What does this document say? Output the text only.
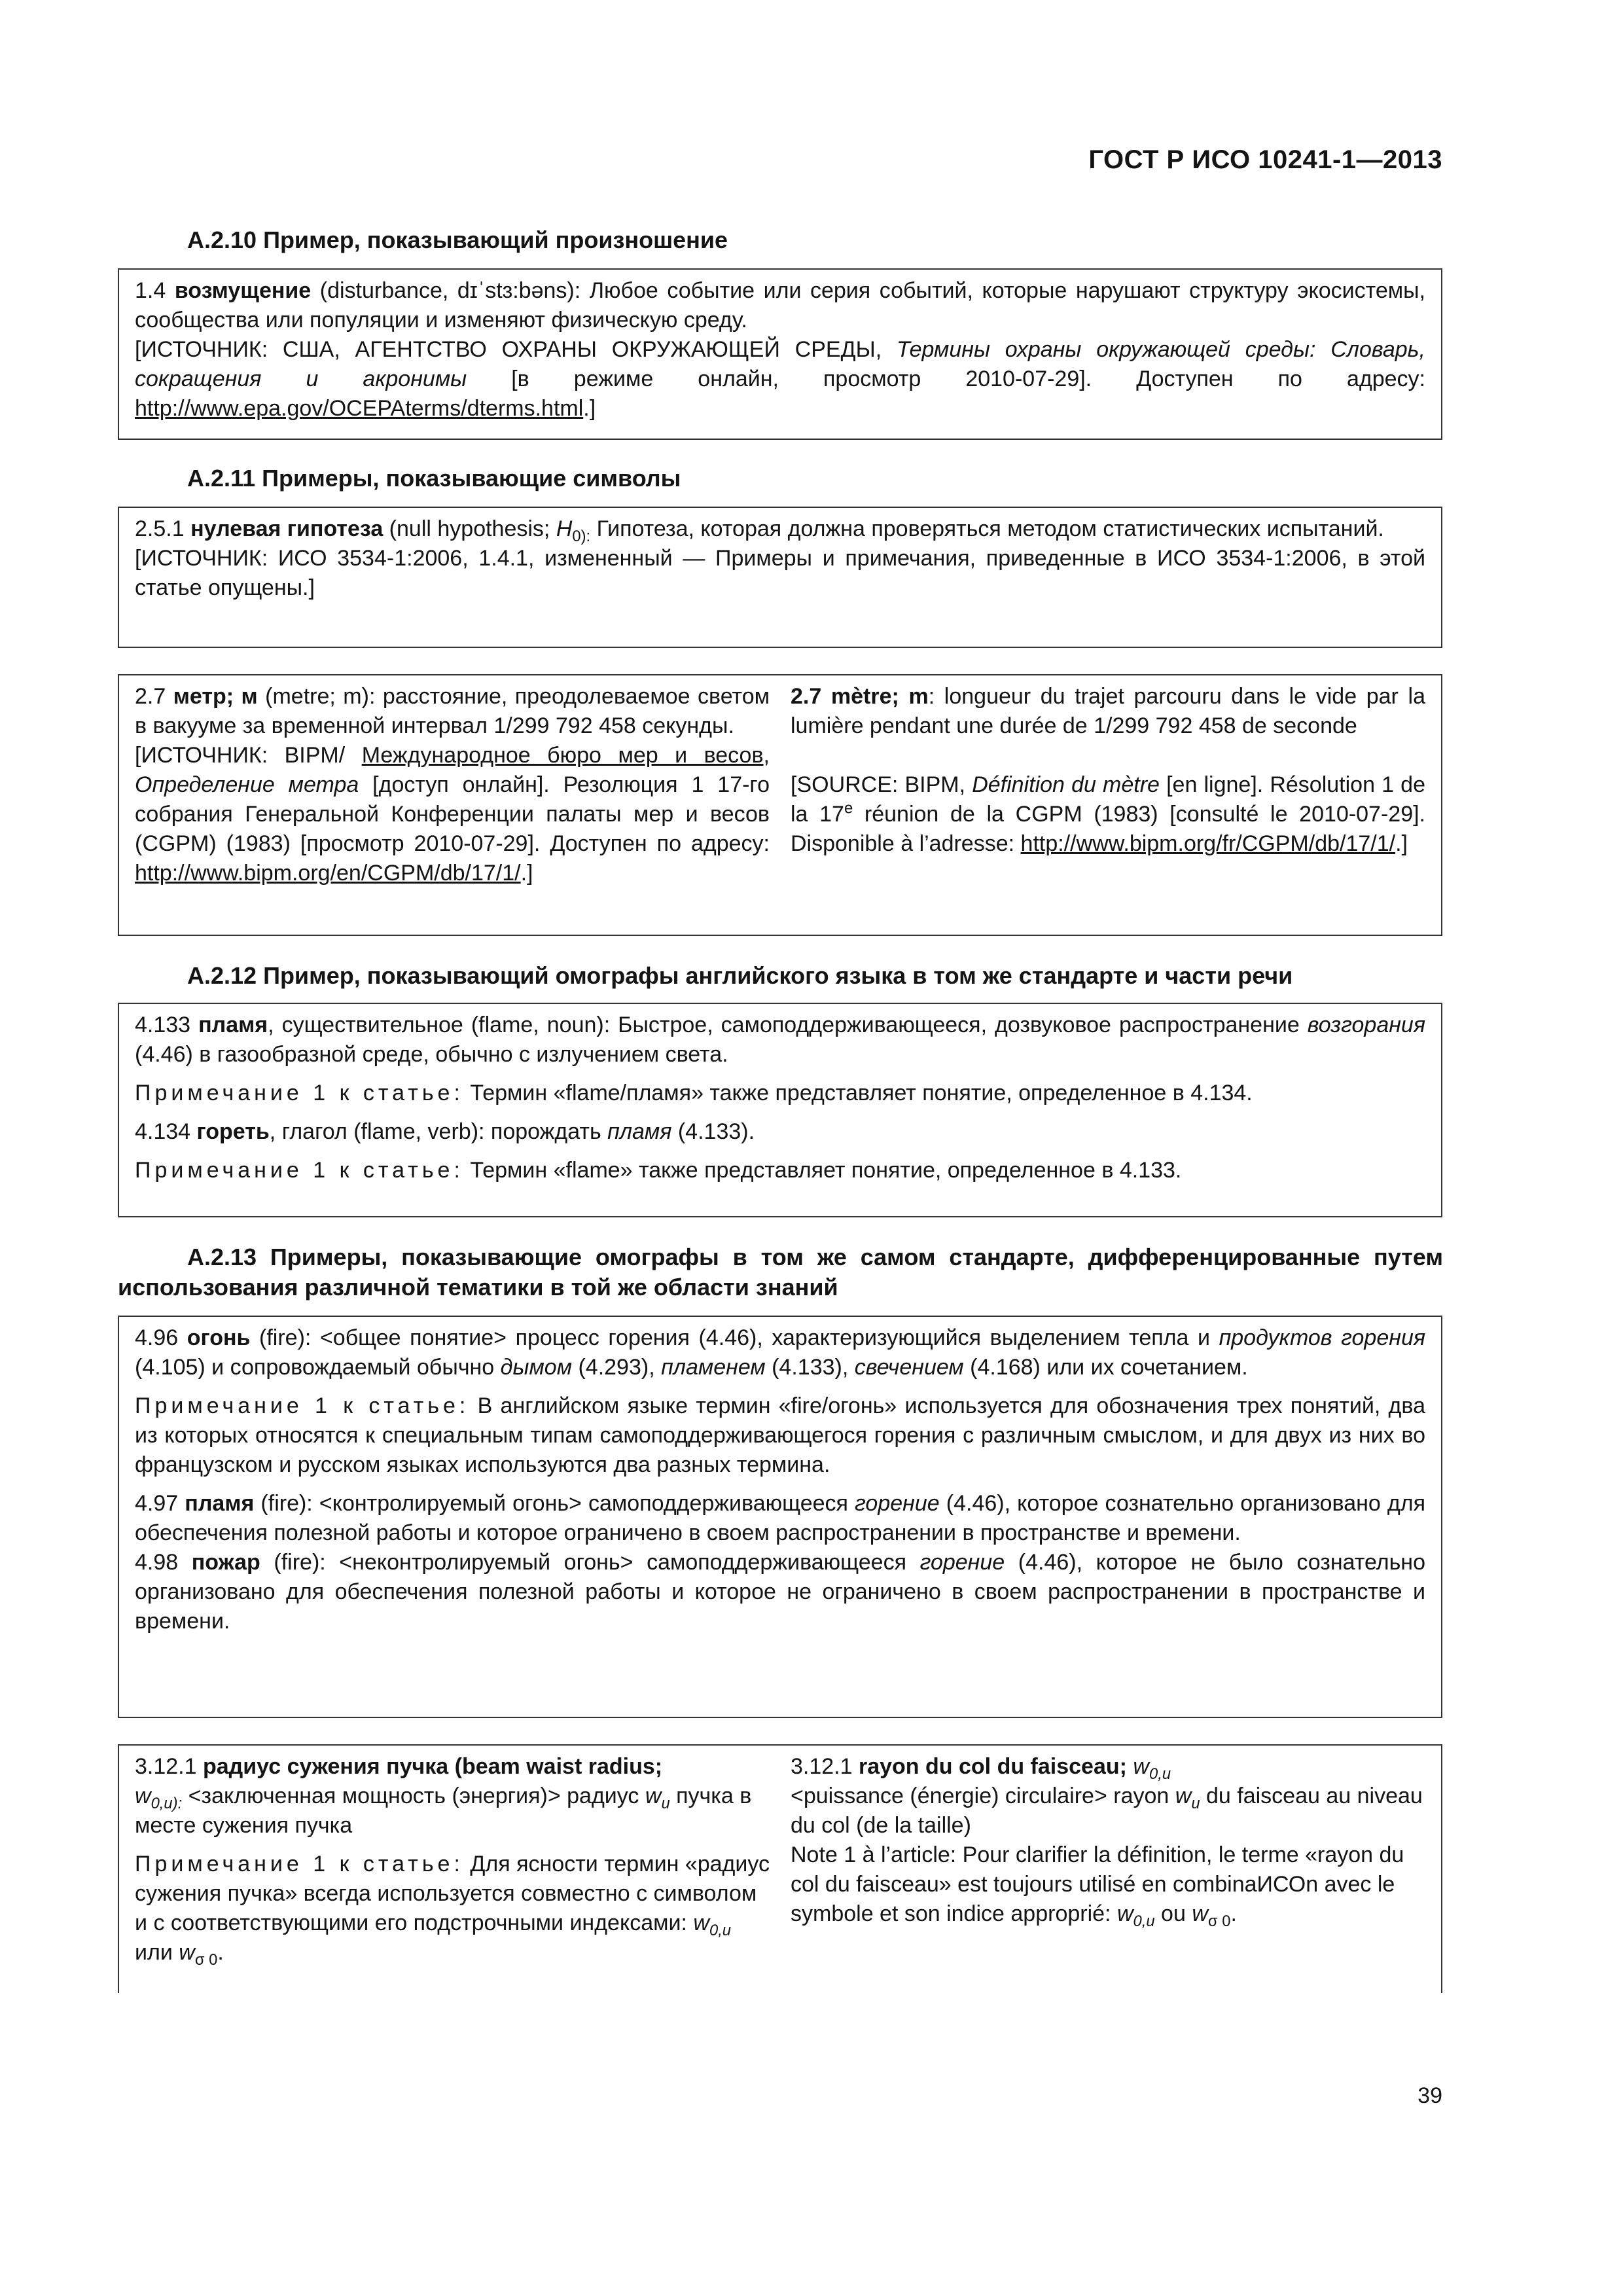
ГОСТ Р ИСО 10241-1—2013
А.2.10 Пример, показывающий произношение

1.4 возмущение (disturbance, dɪˈstɜ:bəns): Любое событие или серия событий, которые нарушают структуру экосистемы, сообщества или популяции и изменяют физическую среду.
[ИСТОЧНИК: США, АГЕНТСТВО ОХРАНЫ ОКРУЖАЮЩЕЙ СРЕДЫ, Термины охраны окружающей среды: Словарь, сокращения и акронимы [в режиме онлайн, просмотр 2010-07-29]. Доступен по адресу: http://www.epa.gov/OCEPAterms/dterms.html.]

А.2.11 Примеры, показывающие символы

2.5.1 нулевая гипотеза (null hypothesis; $H_{0):}$ Гипотеза, которая должна проверяться методом статистических испытаний.

[ИСТОЧНИК: ИСО 3534-1:2006, 1.4.1, измененный — Примеры и примечания, приведенные в ИСО 3534-1:2006, в этой статье опущены.]

2.7 метр; м (metre; m): расстояние, преодолеваемое светом в вакууме за временной интервал 1/299 792 458 секунды.
[ИСТОЧНИК: BIPM/ Международное бюро мер и весов, Определение метра [доступ онлайн]. Резолюция 1 17-го собрания Генеральной Конференции палаты мер и весов (CGPM) (1983) [просмотр 2010-07-29]. Доступен по адресу: http://www.bipm.org/en/CGPM/db/17/1/.]

2.7 mètre; m: longueur du trajet parcouru dans le vide par la lumière pendant une durée de 1/299 792 458 de seconde

[SOURCE: BIPM, Définition du mètre [en ligne]. Résolution 1 de la 17e réunion de la CGPM (1983) [consulté le 2010-07-29]. Disponible à l’adresse: http://www.bipm.org/fr/CGPM/db/17/1/.]

А.2.12 Пример, показывающий омографы английского языка в том же стандарте и части речи

4.133 пламя, существительное (flame, noun): Быстрое, самоподдерживающееся, дозвуковое распространение возгорания (4.46) в газообразной среде, обычно с излучением света.

Примечание 1 к статье: Термин «flame/пламя» также представляет понятие, определенное в 4.134.

4.134 гореть, глагол (flame, verb): порождать пламя (4.133).

Примечание 1 к статье: Термин «flame» также представляет понятие, определенное в 4.133.

А.2.13 Примеры, показывающие омографы в том же самом стандарте, дифференцированные путем использования различной тематики в той же области знаний

4.96 огонь (fire): <общее понятие> процесс горения (4.46), характеризующийся выделением тепла и продуктов горения (4.105) и сопровождаемый обычно дымом (4.293), пламенем (4.133), свечением (4.168) или их сочетанием.

Примечание 1 к статье: В английском языке термин «fire/огонь» используется для обозначения трех понятий, два из которых относятся к специальным типам самоподдерживающегося горения с различным смыслом, и для двух из них во французском и русском языках используются два разных термина.

4.97 пламя (fire): <контролируемый огонь> самоподдерживающееся горение (4.46), которое сознательно организовано для обеспечения полезной работы и которое ограничено в своем распространении в пространстве и времени.

4.98 пожар (fire): <неконтролируемый огонь> самоподдерживающееся горение (4.46), которое не было сознательно организовано для обеспечения полезной работы и которое не ограничено в своем распространении в пространстве и времени.

3.12.1 радиус сужения пучка (beam waist radius;
$w_{0,u):}$ <заключенная мощность (энергия)> радиус $w_u$ пучка в месте сужения пучка

Примечание 1 к статье: Для ясности термин «радиус сужения пучка» всегда используется совместно с символом и с соответствующими его подстрочными индексами: $w_{0,u}$ или $w_{\sigma 0}$.

3.12.1 rayon du col du faisceau; $w_{0,u}$
<puissance (énergie) circulaire> rayon $w_u$ du faisceau au niveau du col (de la taille)
Note 1 à l’article: Pour clarifier la définition, le terme «rayon du col du faisceau» est toujours utilisé en combinaИСОn avec le symbole et son indice approprié: $w_{0,u}$ ou $w_{\sigma 0}$.

39
